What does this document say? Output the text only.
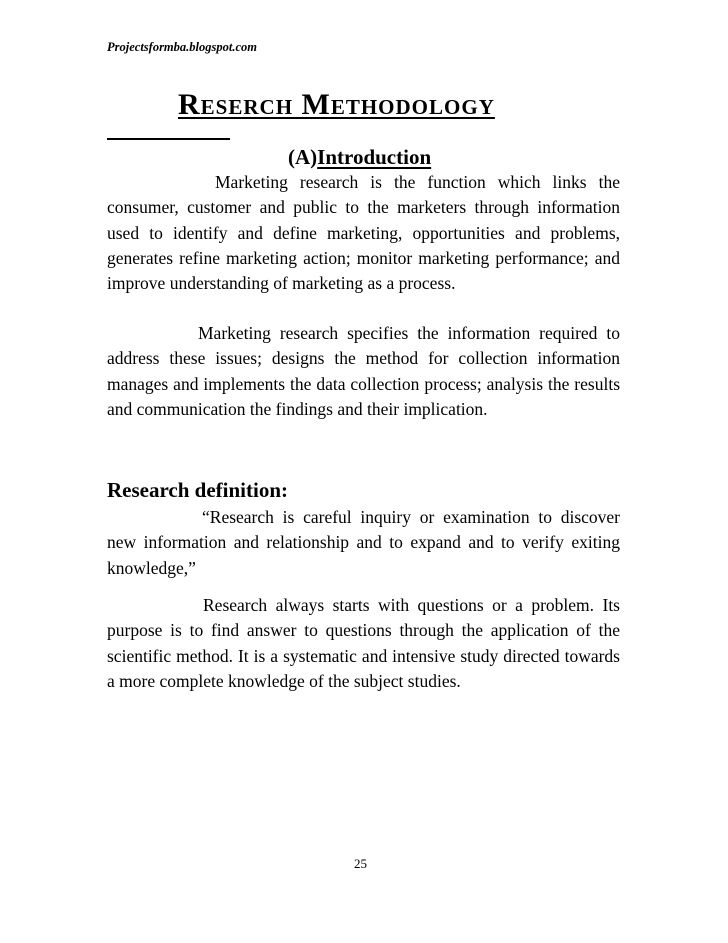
Projectsformba.blogspot.com
Reserch Methodology
(A)Introduction

Marketing research is the function which links the consumer, customer and public to the marketers through information used to identify and define marketing, opportunities and problems, generates refine marketing action; monitor marketing performance; and improve understanding of marketing as a process.

Marketing research specifies the information required to address these issues; designs the method for collection information manages and implements the data collection process; analysis the results and communication the findings and their implication.

Research definition:

“Research is careful inquiry or examination to discover new information and relationship and to expand and to verify exiting knowledge,”

Research always starts with questions or a problem. Its purpose is to find answer to questions through the application of the scientific method. It is a systematic and intensive study directed towards a more complete knowledge of the subject studies.

25
